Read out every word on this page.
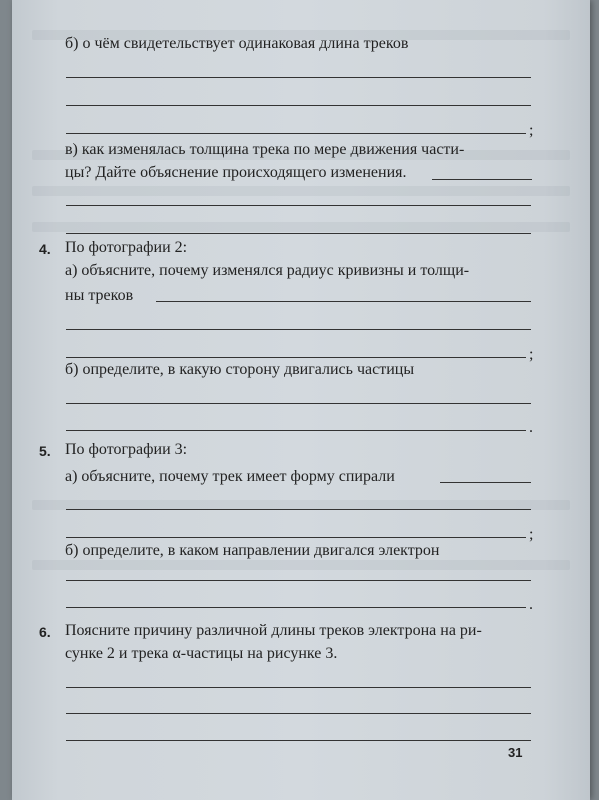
б) о чём свидетельствует одинаковая длина треков
;
в) как изменялась толщина трека по мере движения части-
цы? Дайте объяснение происходящего изменения.
4. По фотографии 2:
а) объясните, почему изменялся радиус кривизны и толщи-
ны треков
;
б) определите, в какую сторону двигались частицы
.
5. По фотографии 3:
а) объясните, почему трек имеет форму спирали
;
б) определите, в каком направлении двигался электрон
.
6. Поясните причину различной длины треков электрона на ри-
сунке 2 и трека α-частицы на рисунке 3.
31
